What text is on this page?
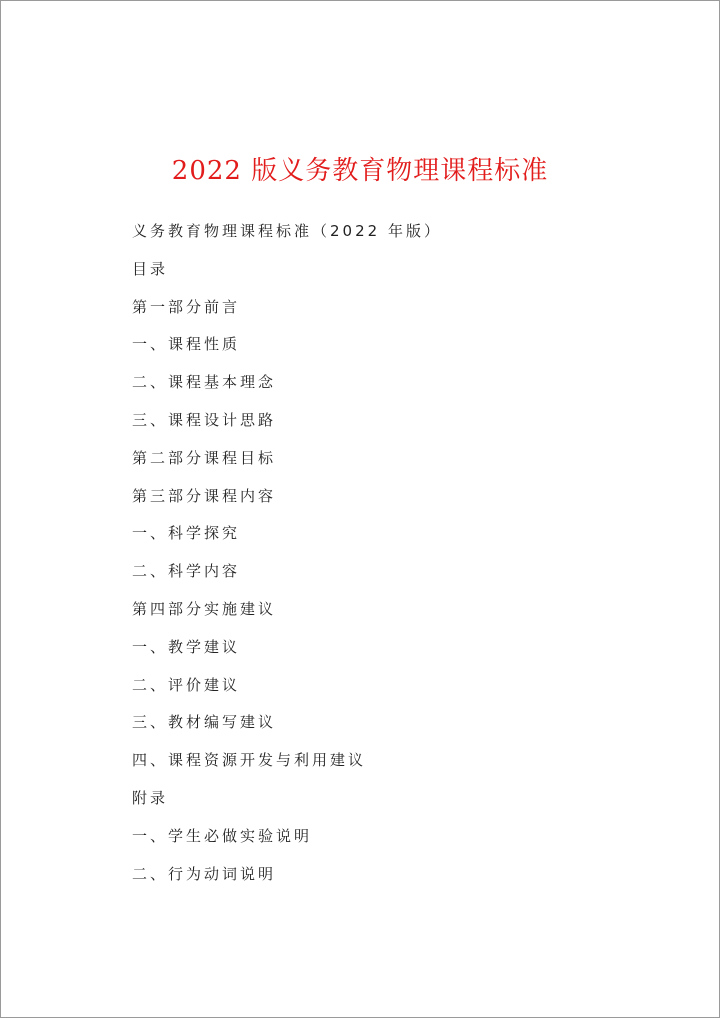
2022 版义务教育物理课程标准
义务教育物理课程标准（2022 年版）
目录
第一部分前言
一、课程性质
二、课程基本理念
三、课程设计思路
第二部分课程目标
第三部分课程内容
一、科学探究
二、科学内容
第四部分实施建议
一、教学建议
二、评价建议
三、教材编写建议
四、课程资源开发与利用建议
附录
一、学生必做实验说明
二、行为动词说明
